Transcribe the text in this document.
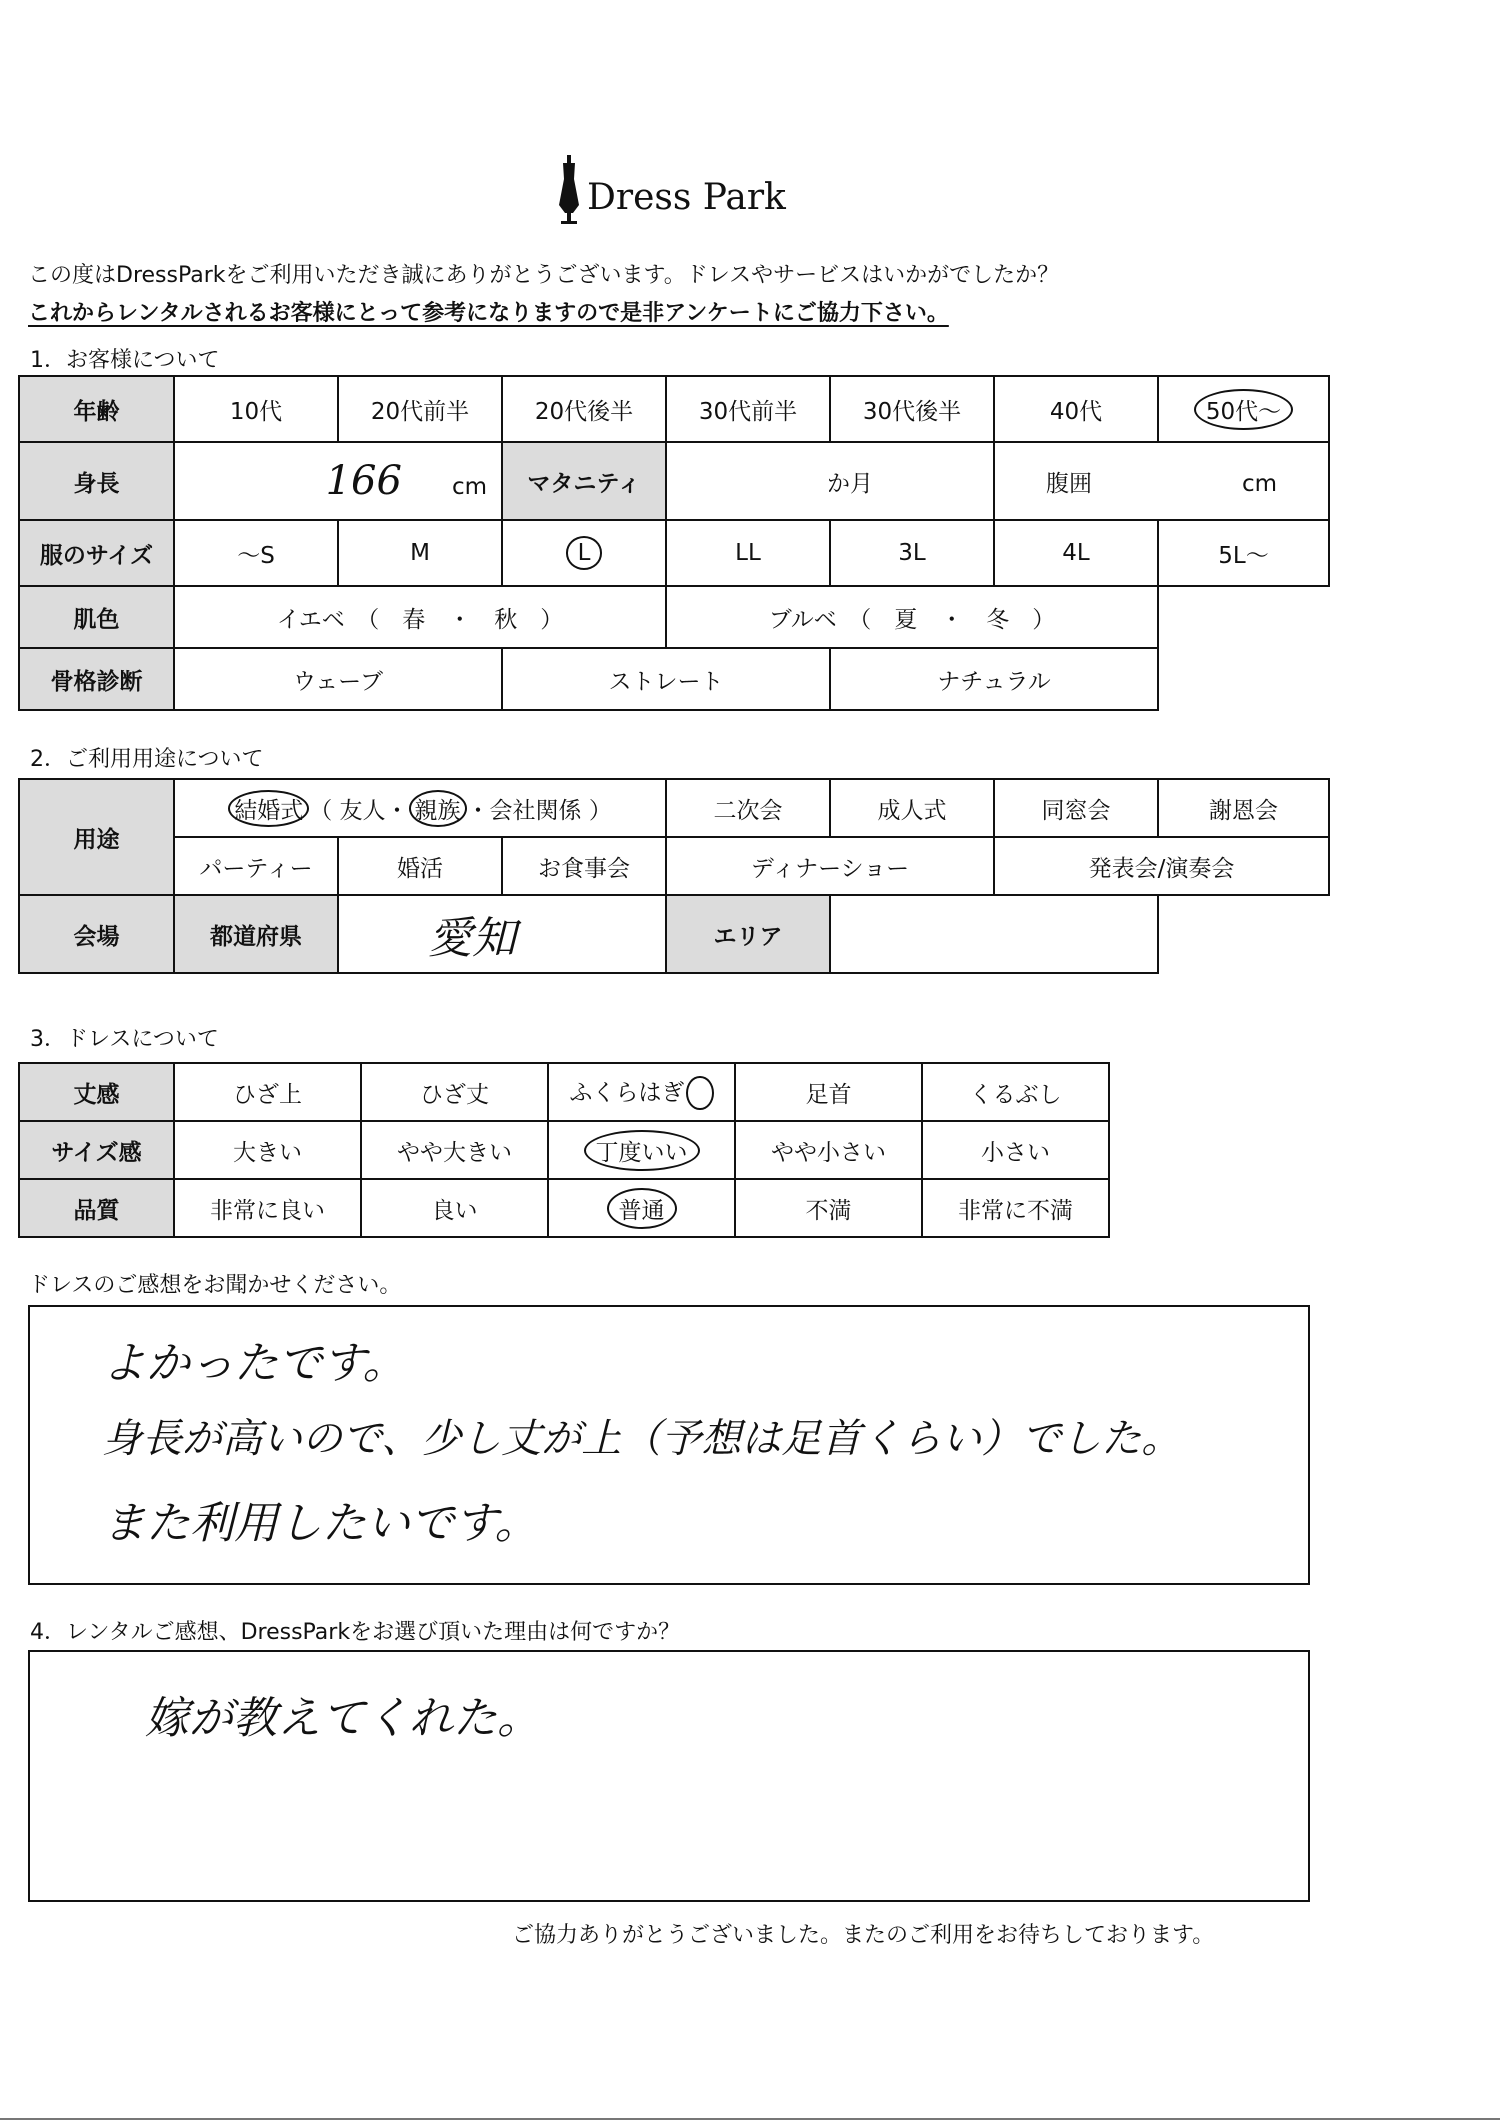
Dress Park
この度はDressParkをご利用いただき誠にありがとうございます。ドレスやサービスはいかがでしたか？
これからレンタルされるお客様にとって参考になりますので是非アンケートにご協力下さい。
1．お客様について
年齢	10代	20代前半	20代後半	30代前半	30代後半	40代	50代〜
身長	166 cm		マタニティ	か月		腹囲 cm	
服のサイズ	〜S	M	L	LL	3L	4L	5L〜
肌色	イエベ　（　春　・　秋　）			ブルベ　（　夏　・　冬　）			
骨格診断	ウェーブ		ストレート		ナチュラル		
2．ご利用用途について
用途	結婚式 （ 友人・ 親族 ・会社関係 ）			二次会	成人式	同窓会	謝恩会
	パーティー	婚活	お食事会	ディナーショー		発表会/演奏会	
会場	都道府県	愛知		エリア			
3．ドレスについて
丈感	ひざ上	ひざ丈	ふくらはぎ	足首	くるぶし
サイズ感	大きい	やや大きい	丁度いい	やや小さい	小さい
品質	非常に良い	良い	普通	不満	非常に不満
ドレスのご感想をお聞かせください。
よかったです。
身長が高いので、少し丈が上（予想は足首くらい）でした。
また利用したいです。
4．レンタルご感想、DressParkをお選び頂いた理由は何ですか？
嫁が教えてくれた。
ご協力ありがとうございました。またのご利用をお待ちしております。
